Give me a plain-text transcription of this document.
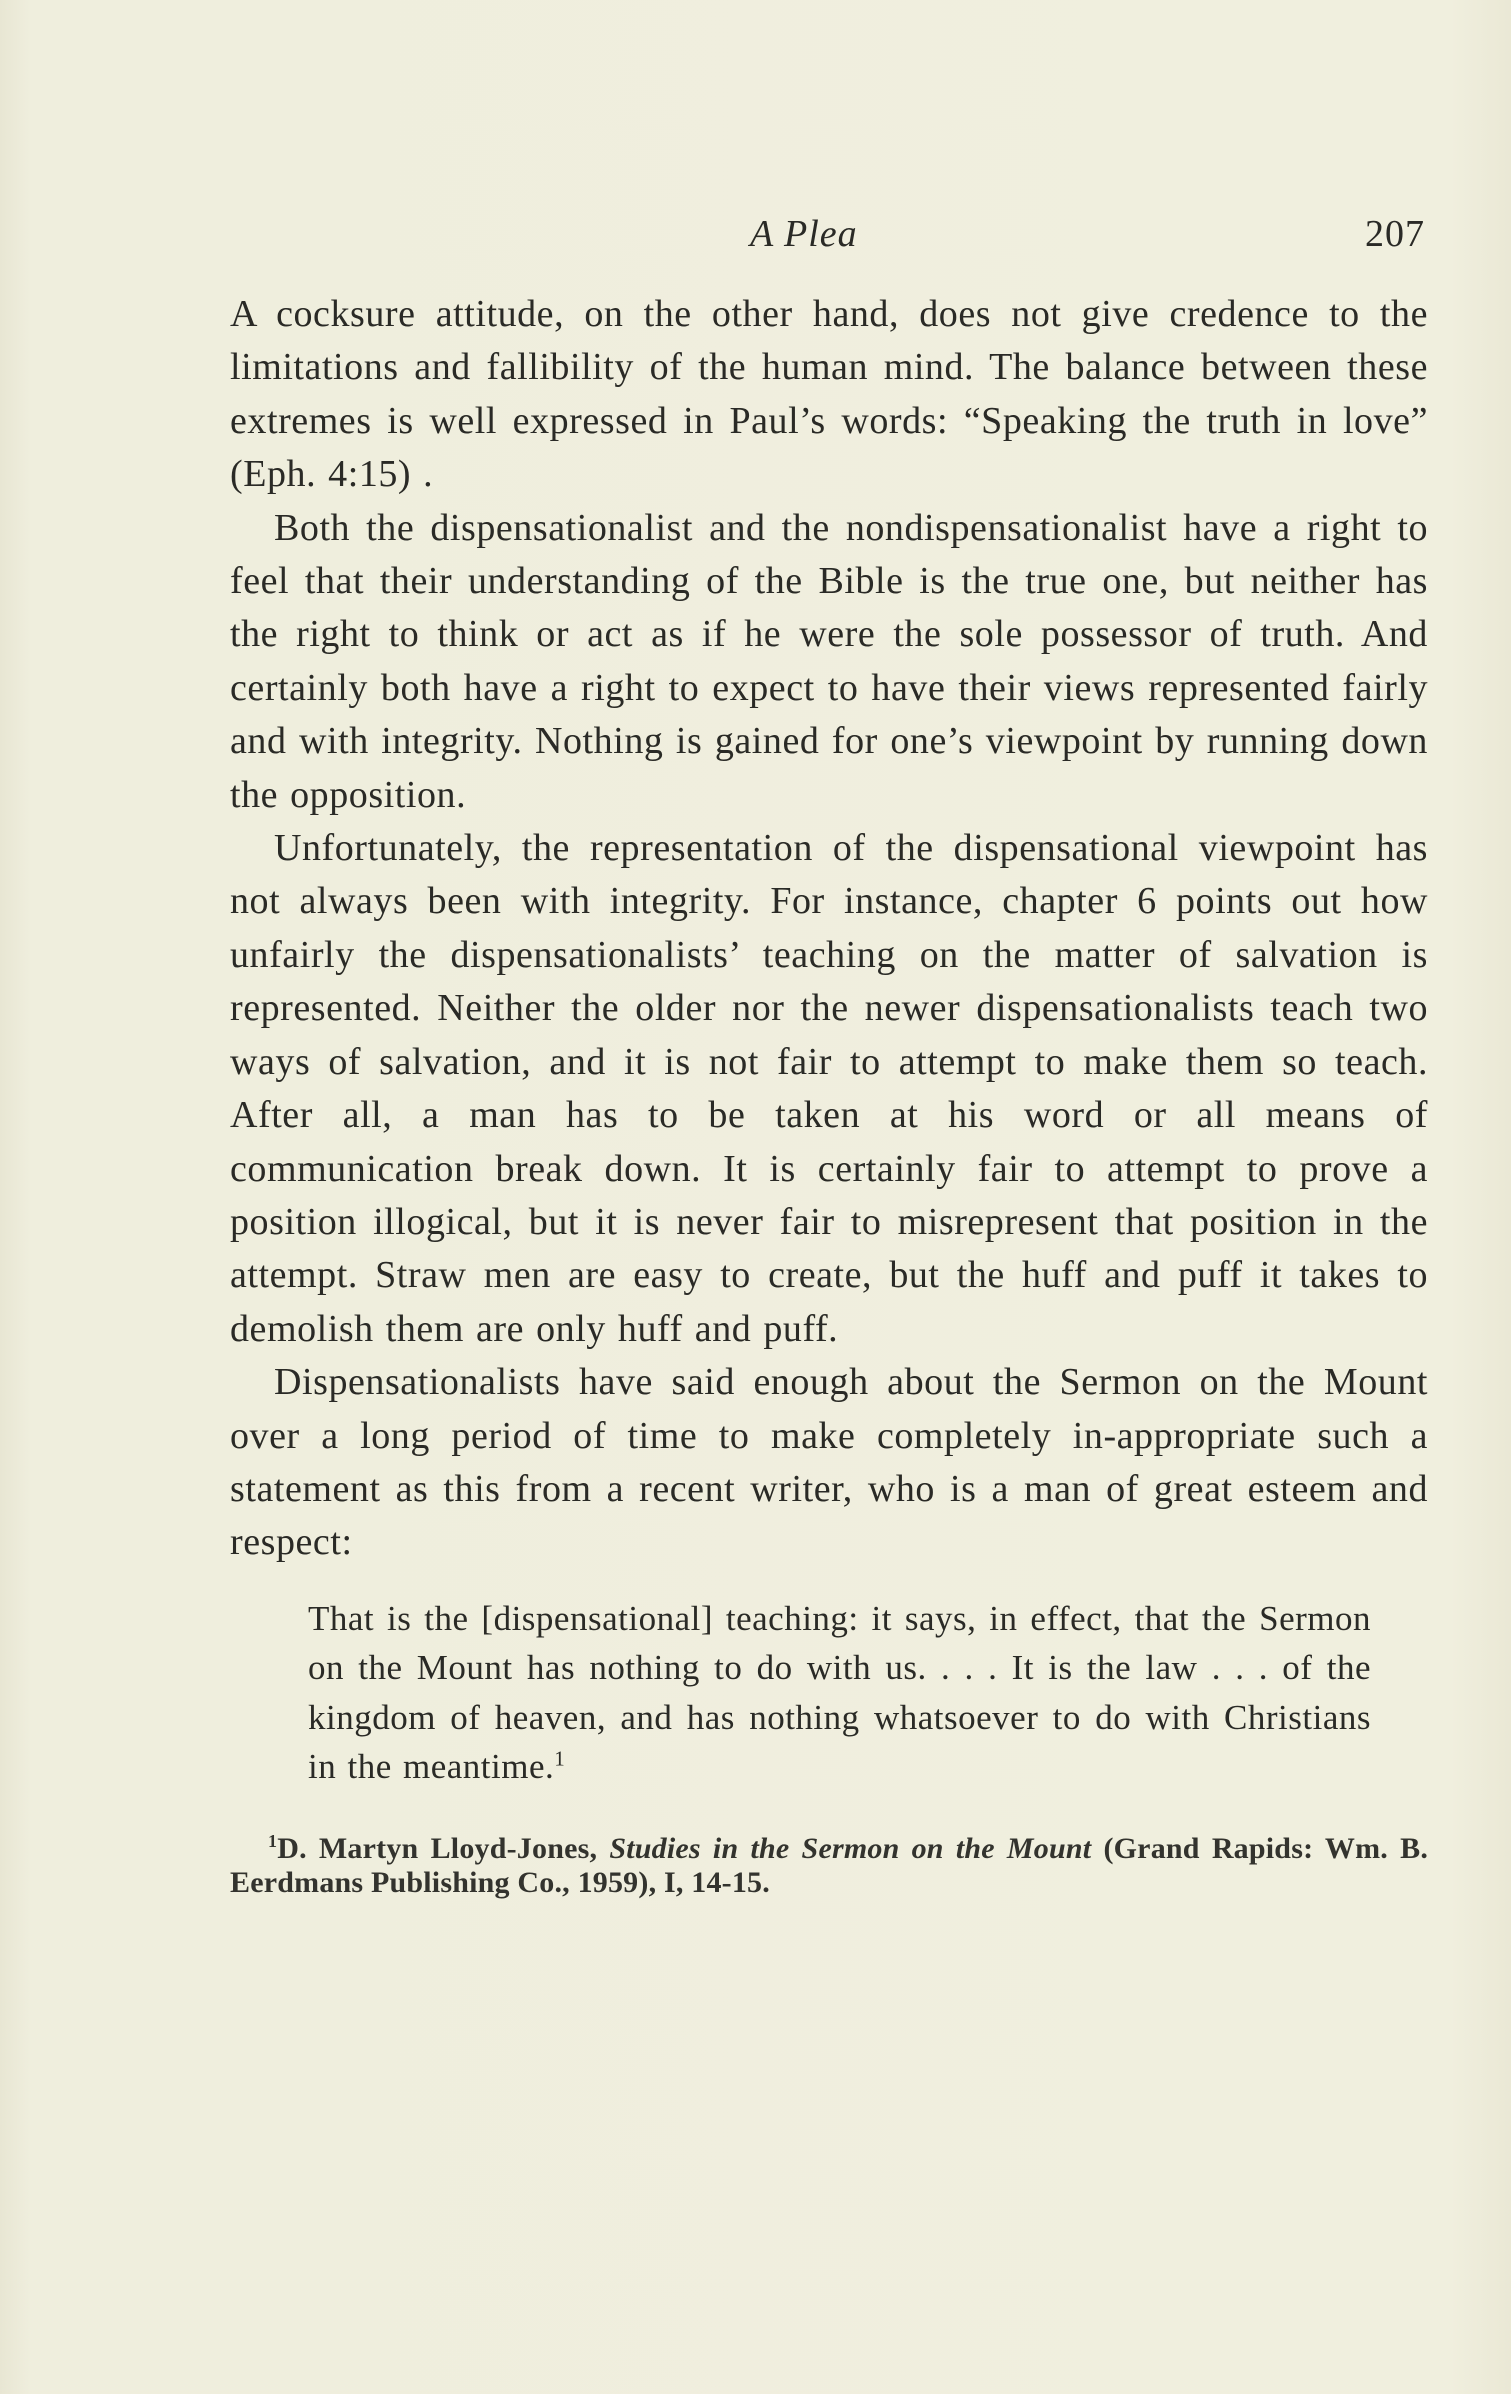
A Plea	207

A cocksure attitude, on the other hand, does not give credence to the limitations and fallibility of the human mind. The balance between these extremes is well expressed in Paul’s words: “Speaking the truth in love” (Eph. 4:15) .

Both the dispensationalist and the nondispensationalist have a right to feel that their understanding of the Bible is the true one, but neither has the right to think or act as if he were the sole possessor of truth. And certainly both have a right to expect to have their views represented fairly and with integrity. Nothing is gained for one’s viewpoint by running down the opposition.

Unfortunately, the representation of the dispensational viewpoint has not always been with integrity. For instance, chapter 6 points out how unfairly the dispensationalists’ teaching on the matter of salvation is represented. Neither the older nor the newer dispensationalists teach two ways of salvation, and it is not fair to attempt to make them so teach. After all, a man has to be taken at his word or all means of communication break down. It is certainly fair to attempt to prove a position illogical, but it is never fair to misrepresent that position in the attempt. Straw men are easy to create, but the huff and puff it takes to demolish them are only huff and puff.

Dispensationalists have said enough about the Sermon on the Mount over a long period of time to make completely in-appropriate such a statement as this from a recent writer, who is a man of great esteem and respect:

That is the [dispensational] teaching: it says, in effect, that the Sermon on the Mount has nothing to do with us. . . . It is the law . . . of the kingdom of heaven, and has nothing whatsoever to do with Christians in the meantime.$^1$

$^1$D. Martyn Lloyd-Jones, Studies in the Sermon on the Mount (Grand Rapids: Wm. B. Eerdmans Publishing Co., 1959), I, 14-15.
